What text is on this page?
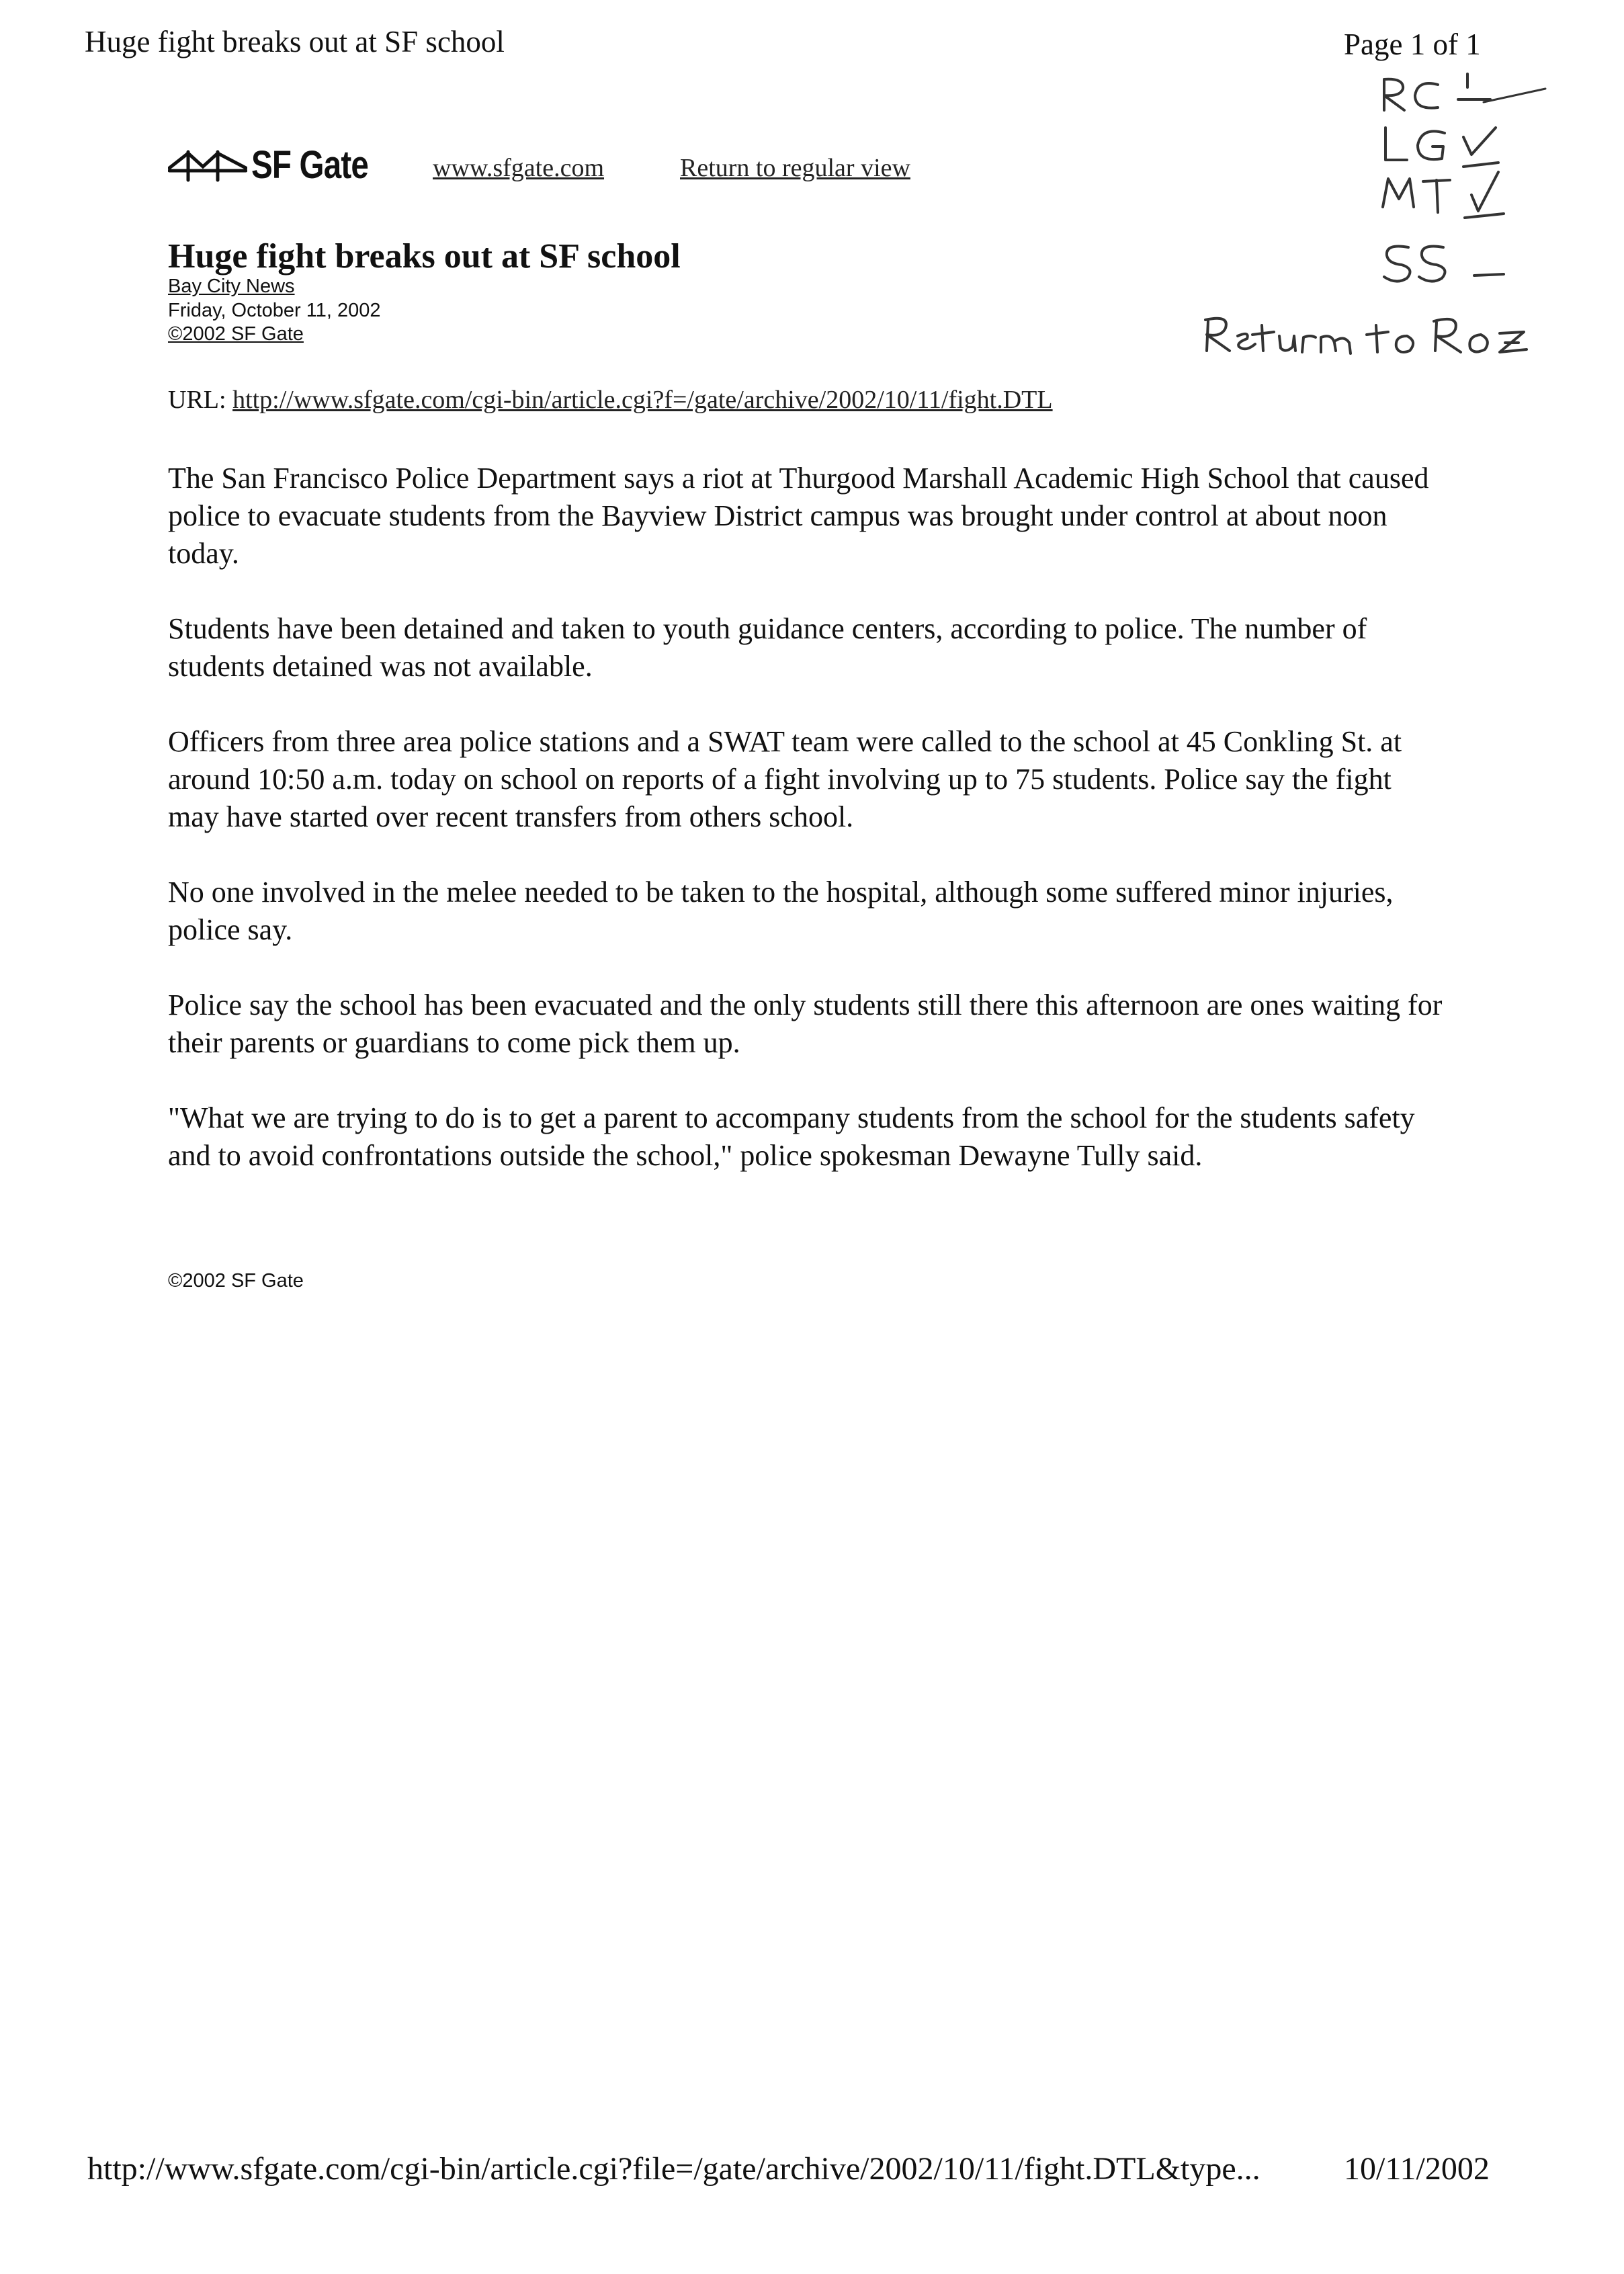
Huge fight breaks out at SF school	Page 1 of 1
SF Gate	www.sfgate.com	Return to regular view
Huge fight breaks out at SF school
Bay City News
Friday, October 11, 2002
©2002 SF Gate
URL: http://www.sfgate.com/cgi-bin/article.cgi?f=/gate/archive/2002/10/11/fight.DTL

The San Francisco Police Department says a riot at Thurgood Marshall Academic High School that caused police to evacuate students from the Bayview District campus was brought under control at about noon today.

Students have been detained and taken to youth guidance centers, according to police. The number of students detained was not available.

Officers from three area police stations and a SWAT team were called to the school at 45 Conkling St. at around 10:50 a.m. today on school on reports of a fight involving up to 75 students. Police say the fight may have started over recent transfers from others school.

No one involved in the melee needed to be taken to the hospital, although some suffered minor injuries, police say.

Police say the school has been evacuated and the only students still there this afternoon are ones waiting for their parents or guardians to come pick them up.

"What we are trying to do is to get a parent to accompany students from the school for the students safety and to avoid confrontations outside the school," police spokesman Dewayne Tully said.

©2002 SF Gate
http://www.sfgate.com/cgi-bin/article.cgi?file=/gate/archive/2002/10/11/fight.DTL&type...	10/11/2002
